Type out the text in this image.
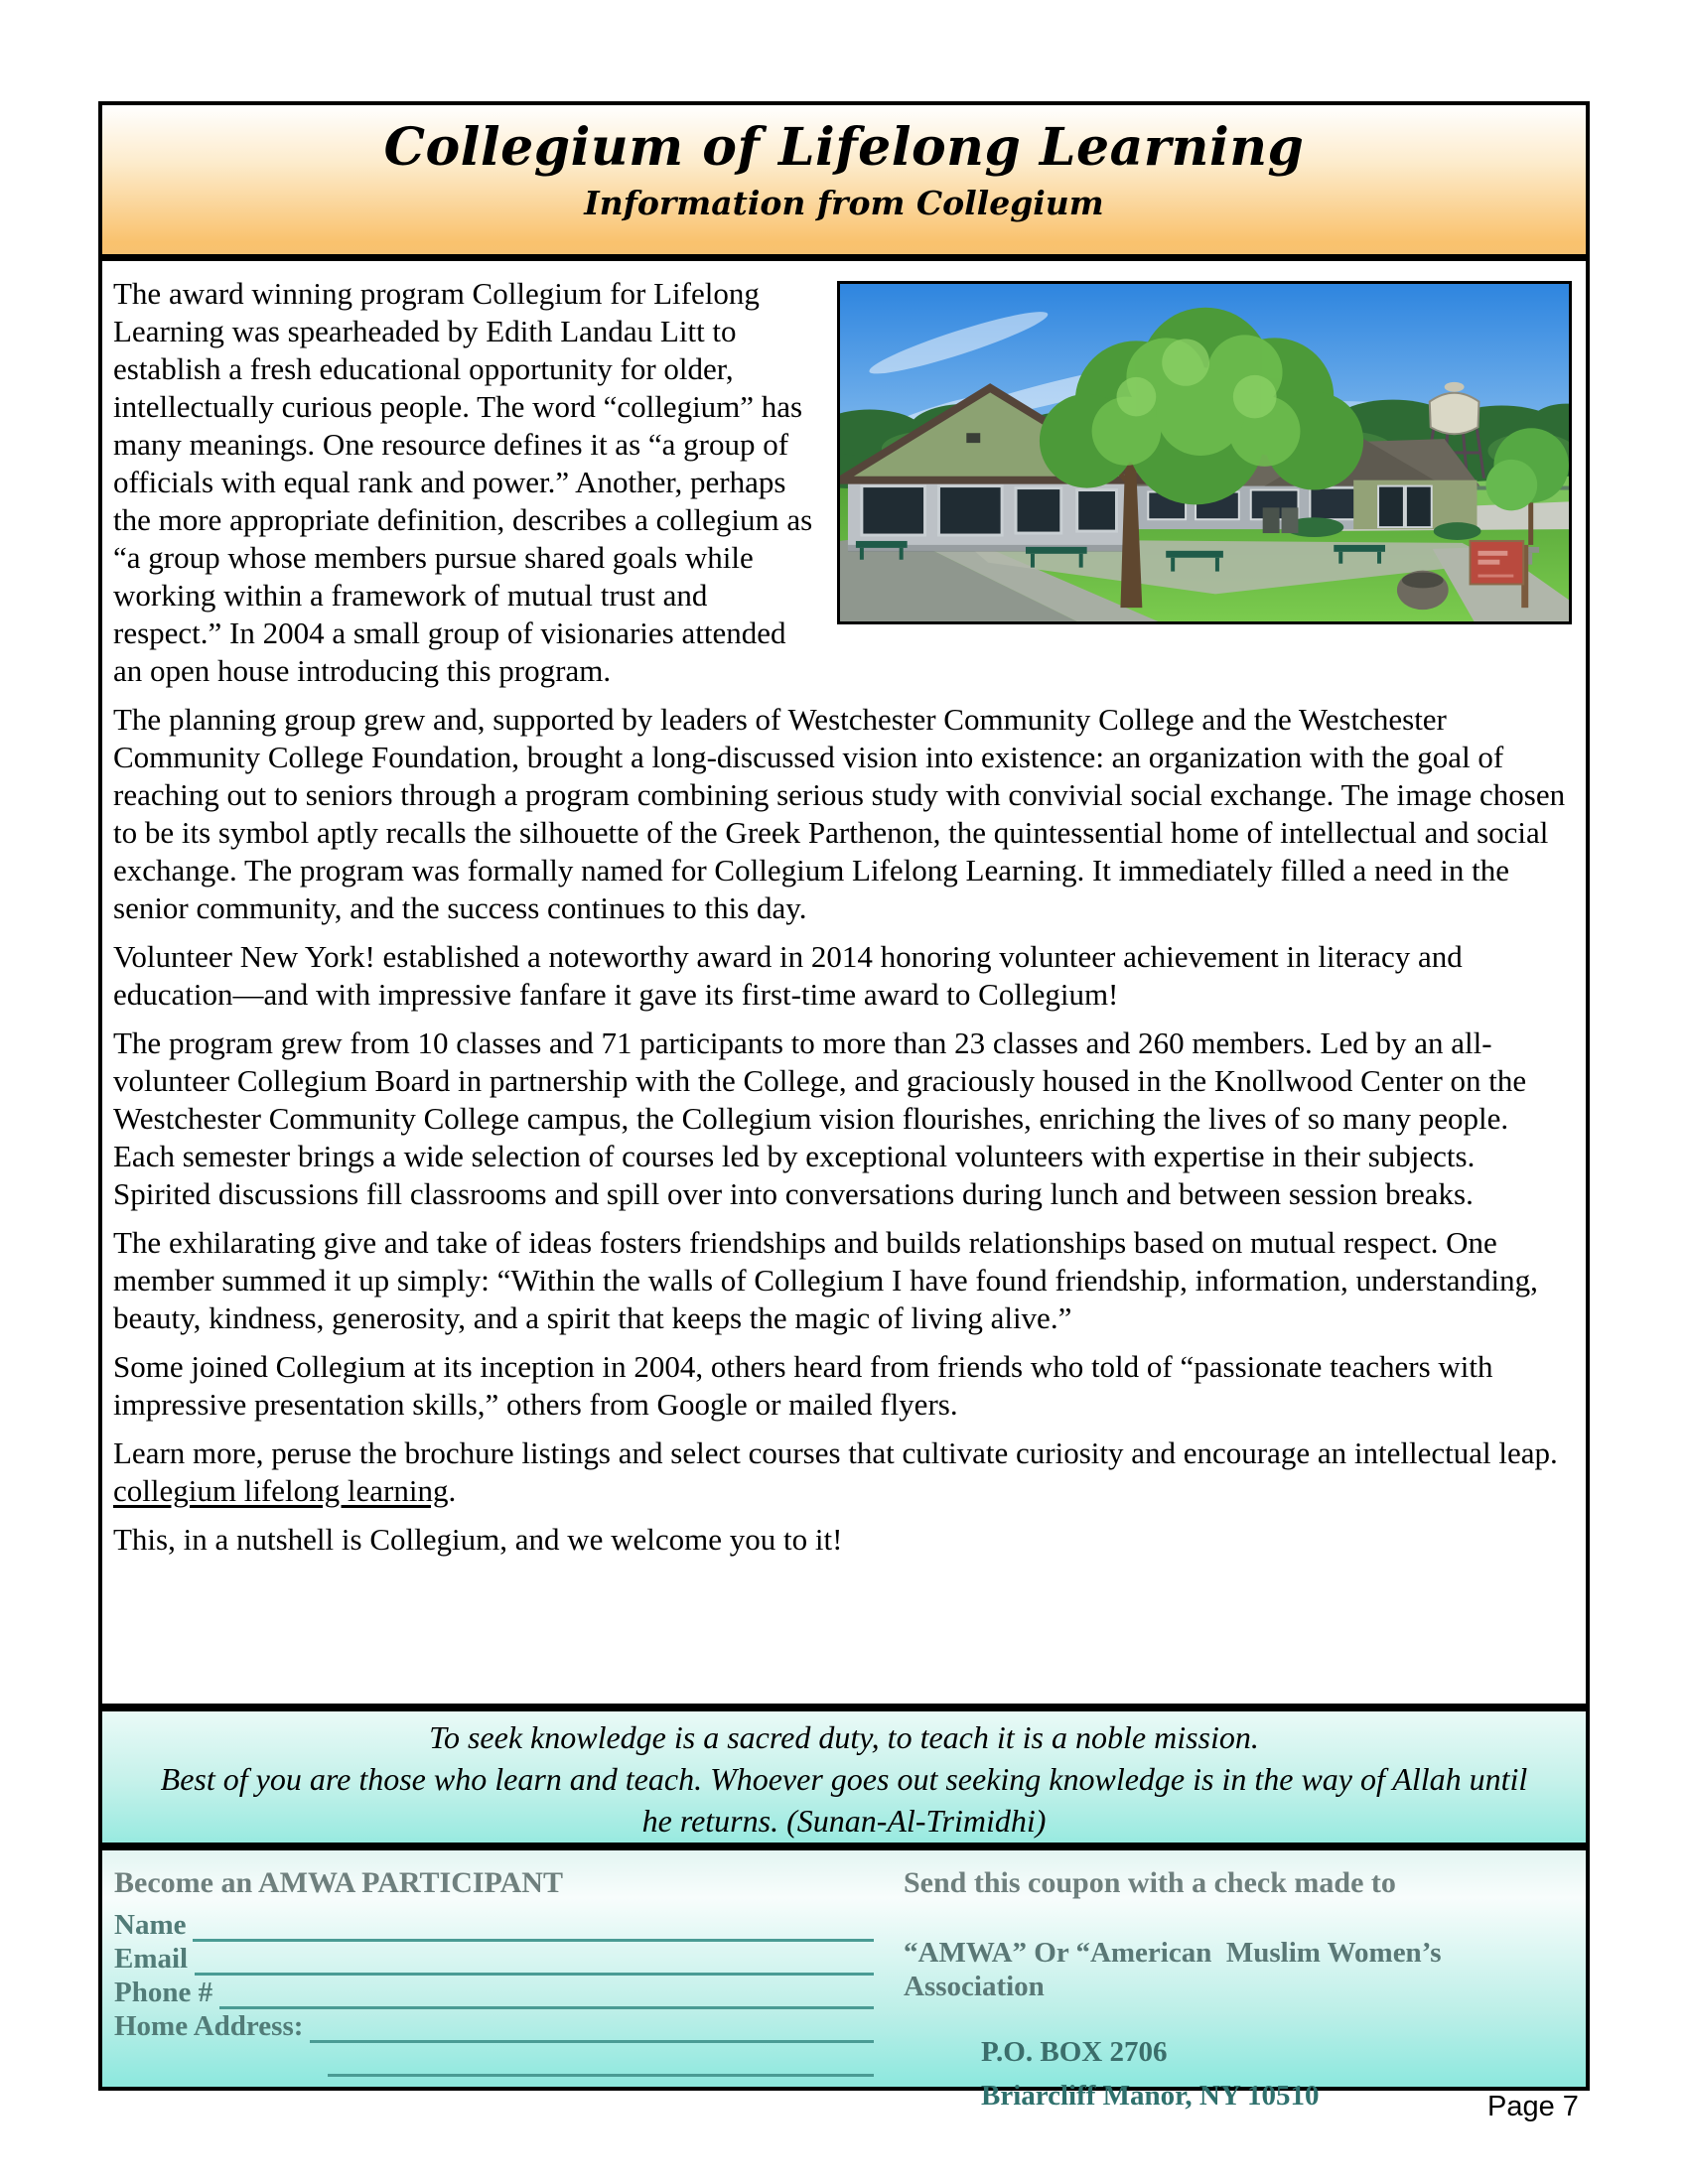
Collegium of Lifelong Learning
Information from Collegium

The award winning program Collegium for Lifelong Learning was spearheaded by Edith Landau Litt to establish a fresh educational opportunity for older, intellectually curious people. The word “collegium” has many meanings. One resource defines it as “a group of officials with equal rank and power.” Another, perhaps the more appropriate definition, describes a collegium as “a group whose members pursue shared goals while working within a framework of mutual trust and respect.” In 2004 a small group of visionaries attended an open house introducing this program.

The planning group grew and, supported by leaders of Westchester Community College and the Westchester Community College Foundation, brought a long-discussed vision into existence: an organization with the goal of reaching out to seniors through a program combining serious study with convivial social exchange. The image chosen to be its symbol aptly recalls the silhouette of the Greek Parthenon, the quintessential home of intellectual and social exchange. The program was formally named for Collegium Lifelong Learning. It immediately filled a need in the senior community, and the success continues to this day.

Volunteer New York! established a noteworthy award in 2014 honoring volunteer achievement in literacy and education—and with impressive fanfare it gave its first-time award to Collegium!

The program grew from 10 classes and 71 participants to more than 23 classes and 260 members. Led by an all-volunteer Collegium Board in partnership with the College, and graciously housed in the Knollwood Center on the Westchester Community College campus, the Collegium vision flourishes, enriching the lives of so many people. Each semester brings a wide selection of courses led by exceptional volunteers with expertise in their subjects. Spirited discussions fill classrooms and spill over into conversations during lunch and between session breaks.

The exhilarating give and take of ideas fosters friendships and builds relationships based on mutual respect. One member summed it up simply: “Within the walls of Collegium I have found friendship, information, understanding, beauty, kindness, generosity, and a spirit that keeps the magic of living alive.”

Some joined Collegium at its inception in 2004, others heard from friends who told of “passionate teachers with impressive presentation skills,” others from Google or mailed flyers.

Learn more, peruse the brochure listings and select courses that cultivate curiosity and encourage an intellectual leap. collegium lifelong learning.

This, in a nutshell is Collegium, and we welcome you to it!

To seek knowledge is a sacred duty, to teach it is a noble mission.

Best of you are those who learn and teach. Whoever goes out seeking knowledge is in the way of Allah until

he returns. (Sunan-Al-Trimidhi)

Become an AMWA PARTICIPANT
Name
Email
Phone #
Home Address:
Send this coupon with a check made to
“AMWA” Or “American  Muslim Women’s Association
P.O. BOX 2706
Briarcliff Manor, NY 10510	Page 7
